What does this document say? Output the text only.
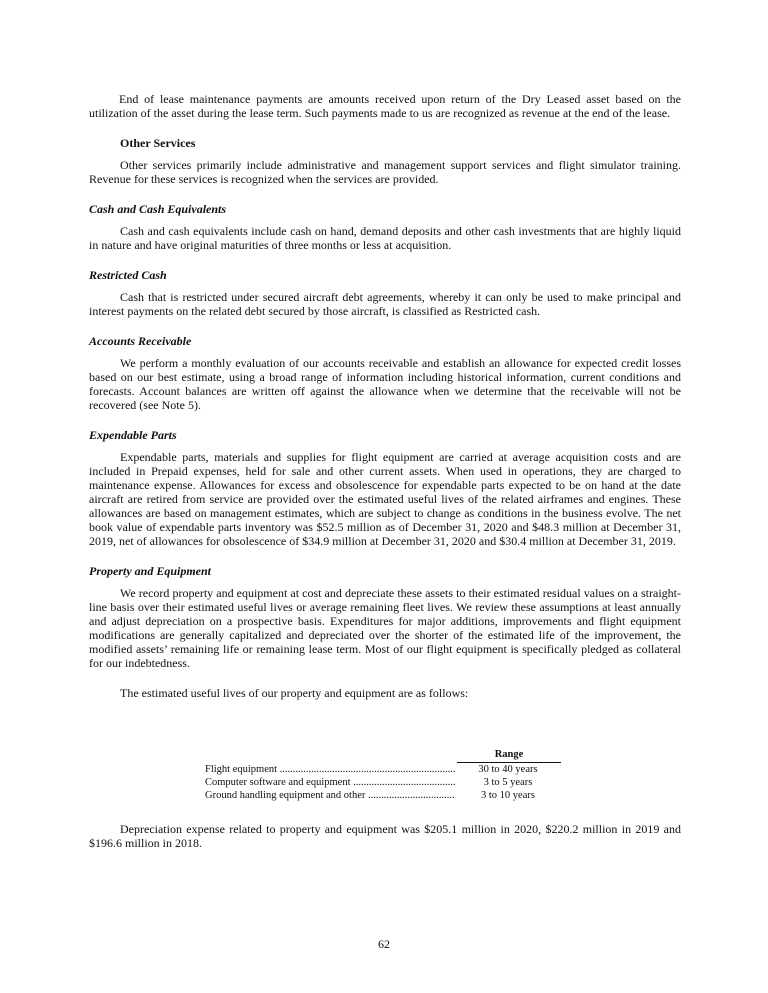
End of lease maintenance payments are amounts received upon return of the Dry Leased asset based on the utilization of the asset during the lease term. Such payments made to us are recognized as revenue at the end of the lease.

Other Services

Other services primarily include administrative and management support services and flight simulator training. Revenue for these services is recognized when the services are provided.

Cash and Cash Equivalents

Cash and cash equivalents include cash on hand, demand deposits and other cash investments that are highly liquid in nature and have original maturities of three months or less at acquisition.

Restricted Cash

Cash that is restricted under secured aircraft debt agreements, whereby it can only be used to make principal and interest payments on the related debt secured by those aircraft, is classified as Restricted cash.

Accounts Receivable

We perform a monthly evaluation of our accounts receivable and establish an allowance for expected credit losses based on our best estimate, using a broad range of information including historical information, current conditions and forecasts. Account balances are written off against the allowance when we determine that the receivable will not be recovered (see Note 5).

Expendable Parts

Expendable parts, materials and supplies for flight equipment are carried at average acquisition costs and are included in Prepaid expenses, held for sale and other current assets. When used in operations, they are charged to maintenance expense. Allowances for excess and obsolescence for expendable parts expected to be on hand at the date aircraft are retired from service are provided over the estimated useful lives of the related airframes and engines. These allowances are based on management estimates, which are subject to change as conditions in the business evolve. The net book value of expendable parts inventory was $52.5 million as of December 31, 2020 and $48.3 million at December 31, 2019, net of allowances for obsolescence of $34.9 million at December 31, 2020 and $30.4 million at December 31, 2019.

Property and Equipment

We record property and equipment at cost and depreciate these assets to their estimated residual values on a straight-line basis over their estimated useful lives or average remaining fleet lives. We review these assumptions at least annually and adjust depreciation on a prospective basis. Expenditures for major additions, improvements and flight equipment modifications are generally capitalized and depreciated over the shorter of the estimated life of the improvement, the modified assets’ remaining life or remaining lease term. Most of our flight equipment is specifically pledged as collateral for our indebtedness.

The estimated useful lives of our property and equipment are as follows:

	Range

Flight equipment .....	30 to 40 years

Computer software and equipment .....	3 to 5 years

Ground handling equipment and other .....	3 to 10 years

Depreciation expense related to property and equipment was $205.1 million in 2020, $220.2 million in 2019 and $196.6 million in 2018.

62
